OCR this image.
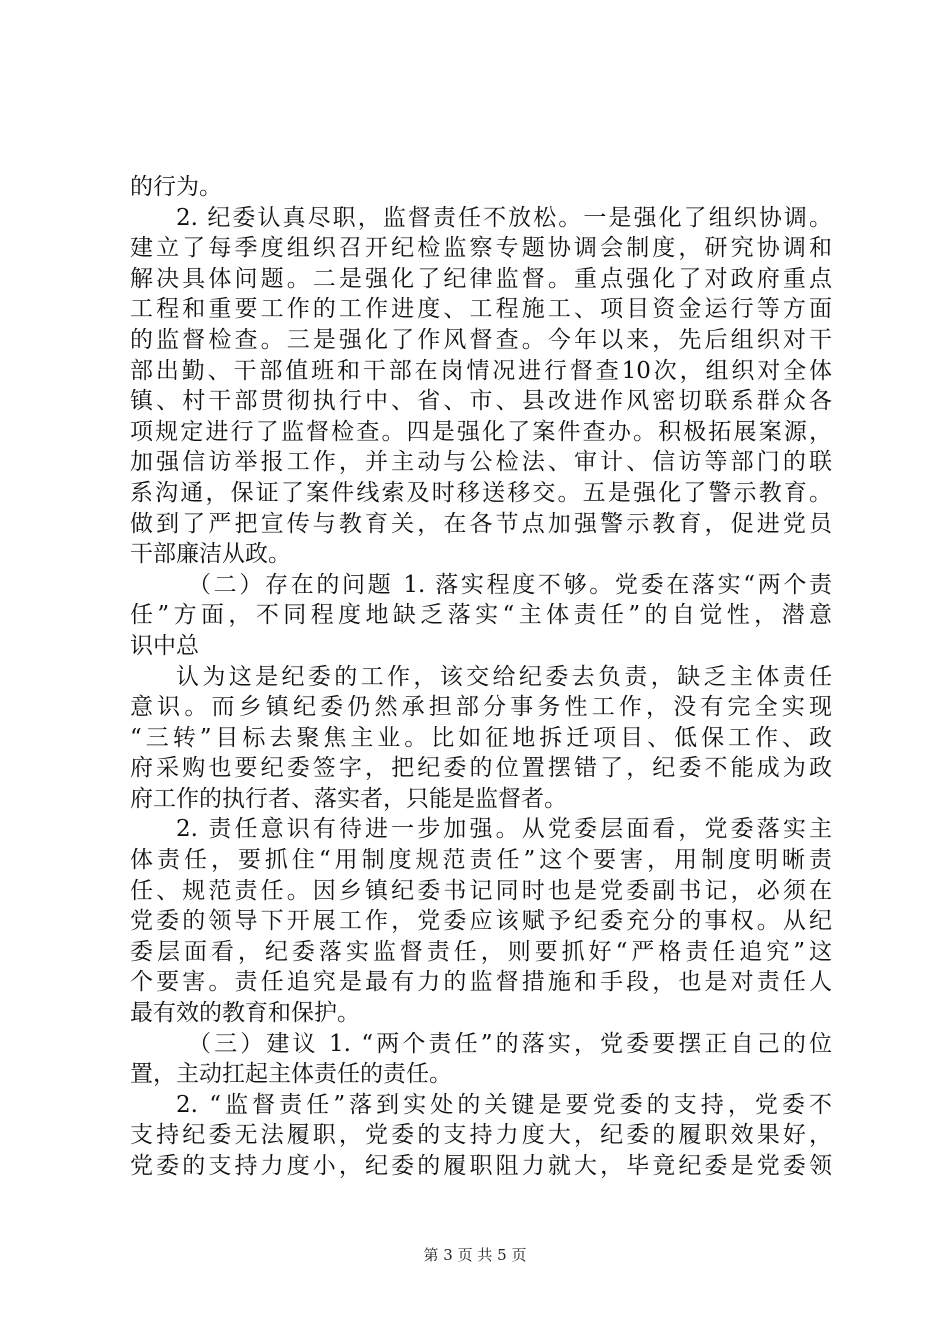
的行为。
2. 纪委认真尽职，监督责任不放松。一是强化了组织协调。
建立了每季度组织召开纪检监察专题协调会制度，研究协调和
解决具体问题。二是强化了纪律监督。重点强化了对政府重点
工程和重要工作的工作进度、工程施工、项目资金运行等方面
的监督检查。三是强化了作风督查。今年以来，先后组织对干
部出勤、干部值班和干部在岗情况进行督查10次，组织对全体
镇、村干部贯彻执行中、省、市、县改进作风密切联系群众各
项规定进行了监督检查。四是强化了案件查办。积极拓展案源，
加强信访举报工作，并主动与公检法、审计、信访等部门的联
系沟通，保证了案件线索及时移送移交。五是强化了警示教育。
做到了严把宣传与教育关，在各节点加强警示教育，促进党员
干部廉洁从政。
（二）存在的问题 1. 落实程度不够。党委在落实“两个责
任”方面，不同程度地缺乏落实“主体责任”的自觉性，潜意
识中总
认为这是纪委的工作，该交给纪委去负责，缺乏主体责任
意识。而乡镇纪委仍然承担部分事务性工作，没有完全实现
“三转”目标去聚焦主业。比如征地拆迁项目、低保工作、政
府采购也要纪委签字，把纪委的位置摆错了，纪委不能成为政
府工作的执行者、落实者，只能是监督者。
2. 责任意识有待进一步加强。从党委层面看，党委落实主
体责任，要抓住“用制度规范责任”这个要害，用制度明晰责
任、规范责任。因乡镇纪委书记同时也是党委副书记，必须在
党委的领导下开展工作，党委应该赋予纪委充分的事权。从纪
委层面看，纪委落实监督责任，则要抓好“严格责任追究”这
个要害。责任追究是最有力的监督措施和手段，也是对责任人
最有效的教育和保护。
（三）建议 1. “两个责任”的落实，党委要摆正自己的位
置，主动扛起主体责任的责任。
2. “监督责任”落到实处的关键是要党委的支持，党委不
支持纪委无法履职，党委的支持力度大，纪委的履职效果好，
党委的支持力度小，纪委的履职阻力就大，毕竟纪委是党委领
第 3 页 共 5 页
